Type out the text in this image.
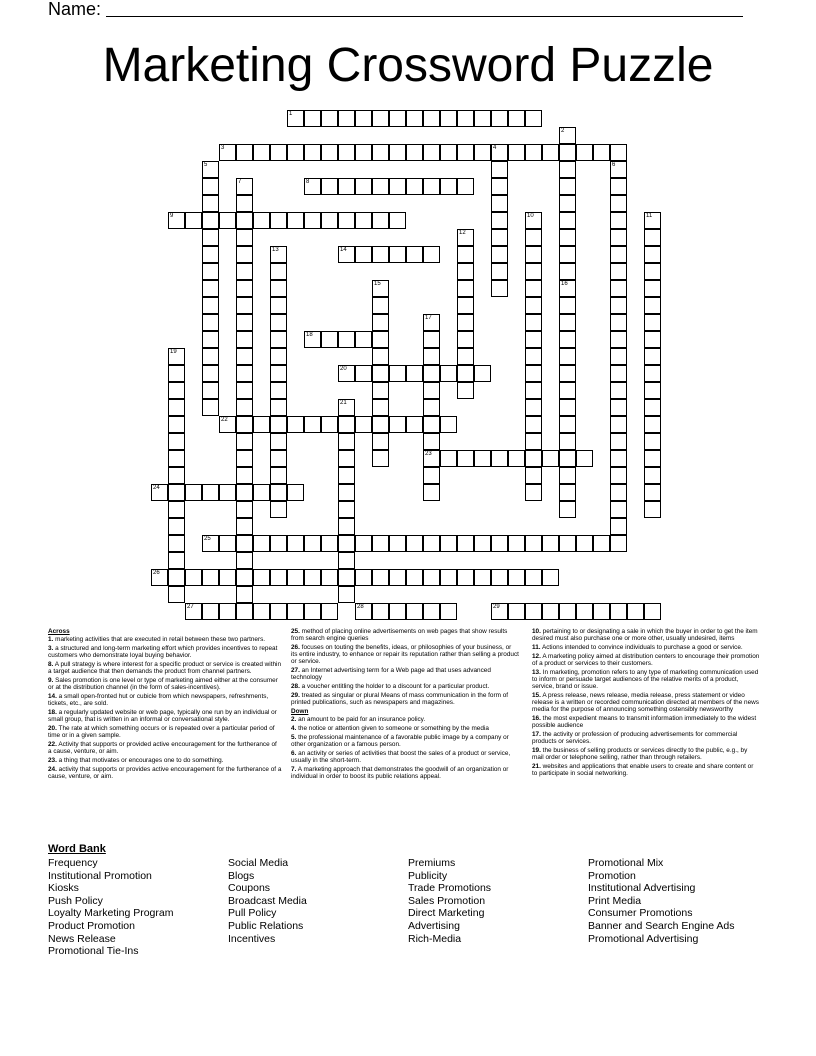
Name:
Marketing Crossword Puzzle
1
2
3	4
5	6
7	8
9	10	11
12
13	14
15	16
17
18
19
20
21
22
23
24
25
26
27	28	29
Across
1. marketing activities that are executed in retail between these two partners.
3. a structured and long-term marketing effort which provides incentives to repeat customers who demonstrate loyal buying behavior.
8. A pull strategy is where interest for a specific product or service is created within a target audience that then demands the product from channel partners.
9. Sales promotion is one level or type of marketing aimed either at the consumer or at the distribution channel (in the form of sales-incentives).
14. a small open-fronted hut or cubicle from which newspapers, refreshments, tickets, etc., are sold.
18. a regularly updated website or web page, typically one run by an individual or small group, that is written in an informal or conversational style.
20. The rate at which something occurs or is repeated over a particular period of time or in a given sample.
22. Activity that supports or provided active encouragement for the furtherance of a cause, venture, or aim.
23. a thing that motivates or encourages one to do something.
24. activity that supports or provides active encouragement for the furtherance of a cause, venture, or aim.
25. method of placing online advertisements on web pages that show results from search engine queries
26. focuses on touting the benefits, ideas, or philosophies of your business, or its entire industry, to enhance or repair its reputation rather than selling a product or service.
27. an Internet advertising term for a Web page ad that uses advanced technology
28. a voucher entitling the holder to a discount for a particular product.
29. treated as singular or plural Means of mass communication in the form of printed publications, such as newspapers and magazines.
Down
2. an amount to be paid for an insurance policy.
4. the notice or attention given to someone or something by the media
5. the professional maintenance of a favorable public image by a company or other organization or a famous person.
6. an activity or series of activities that boost the sales of a product or service, usually in the short-term.
7. A marketing approach that demonstrates the goodwill of an organization or individual in order to boost its public relations appeal.
10. pertaining to or designating a sale in which the buyer in order to get the item desired must also purchase one or more other, usually undesired, items
11. Actions intended to convince individuals to purchase a good or service.
12. A marketing policy aimed at distribution centers to encourage their promotion of a product or services to their customers.
13. In marketing, promotion refers to any type of marketing communication used to inform or persuade target audiences of the relative merits of a product, service, brand or issue.
15. A press release, news release, media release, press statement or video release is a written or recorded communication directed at members of the news media for the purpose of announcing something ostensibly newsworthy
16. the most expedient means to transmit information immediately to the widest possible audience
17. the activity or profession of producing advertisements for commercial products or services.
19. the business of selling products or services directly to the public, e.g., by mail order or telephone selling, rather than through retailers.
21. websites and applications that enable users to create and share content or to participate in social networking.
Word Bank
Frequency
Institutional Promotion
Kiosks
Push Policy
Loyalty Marketing Program
Product Promotion
News Release
Promotional Tie-Ins
Social Media
Blogs
Coupons
Broadcast Media
Pull Policy
Public Relations
Incentives
Premiums
Publicity
Trade Promotions
Sales Promotion
Direct Marketing
Advertising
Rich-Media
Promotional Mix
Promotion
Institutional Advertising
Print Media
Consumer Promotions
Banner and Search Engine Ads
Promotional Advertising
